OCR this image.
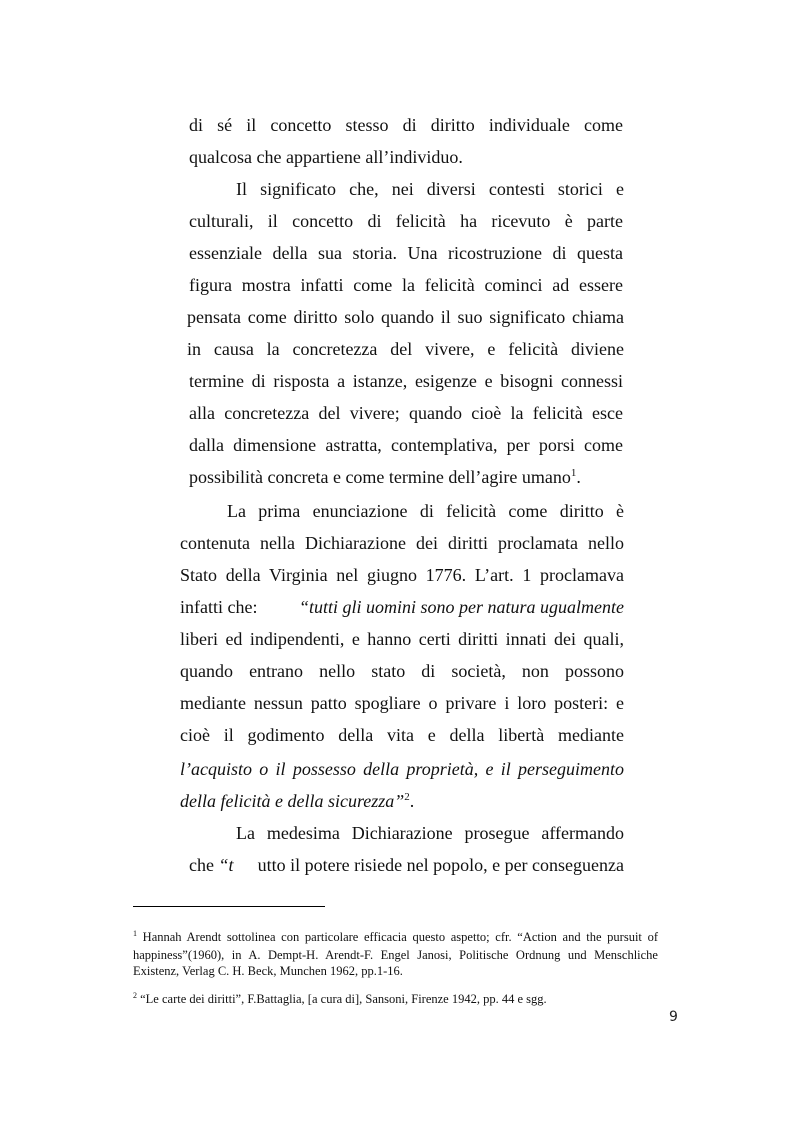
di sé il concetto stesso di diritto individuale come
qualcosa che appartiene all’individuo.
Il significato che, nei diversi contesti storici e
culturali, il concetto di felicità ha ricevuto è parte
essenziale della sua storia. Una ricostruzione di questa
figura mostra infatti come la felicità cominci ad essere
pensata come diritto solo quando il suo significato chiama
in causa la concretezza del vivere, e felicità diviene
termine di risposta a istanze, esigenze e bisogni connessi
alla concretezza del vivere; quando cioè la felicità esce
dalla dimensione astratta, contemplativa, per porsi come
possibilità concreta e come termine dell’agire umano$^1$.
La prima enunciazione di felicità come diritto è
contenuta nella Dichiarazione dei diritti proclamata nello
Stato della Virginia nel giugno 1776. L’art. 1 proclamava
infatti che: “tutti gli uomini sono per natura ugualmente
liberi ed indipendenti, e hanno certi diritti innati dei quali,
quando entrano nello stato di società, non possono
mediante nessun patto spogliare o privare i loro posteri: e
cioè il godimento della vita e della libertà mediante
l’acquisto o il possesso della proprietà, e il perseguimento
della felicità e della sicurezza”$^2$.
La medesima Dichiarazione prosegue affermando
che “t utto il potere risiede nel popolo, e per conseguenza
$^1$ Hannah Arendt sottolinea con particolare efficacia questo aspetto; cfr. “Action and the pursuit of
happiness”(1960), in A. Dempt-H. Arendt-F. Engel Janosi, Politische Ordnung und Menschliche
Existenz, Verlag C. H. Beck, Munchen 1962, pp.1-16.
$^2$ “Le carte dei diritti”, F.Battaglia, [a cura di], Sansoni, Firenze 1942, pp. 44 e sgg.
9
